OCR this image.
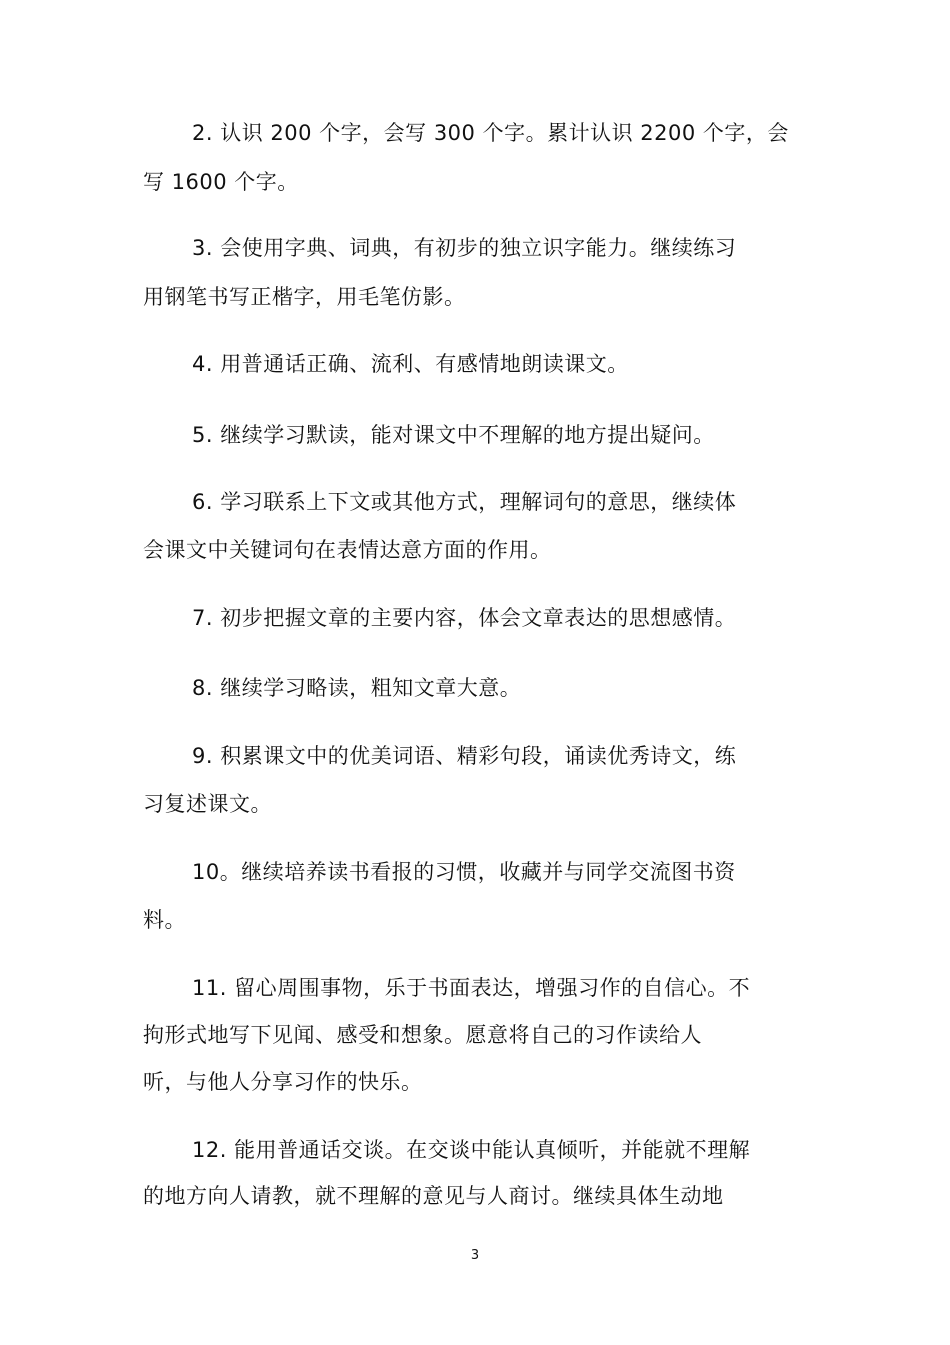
2. 认识 200 个字，会写 300 个字。累计认识 2200 个字，会
写 1600 个字。
3. 会使用字典、词典，有初步的独立识字能力。继续练习
用钢笔书写正楷字，用毛笔仿影。
4. 用普通话正确、流利、有感情地朗读课文。
5. 继续学习默读，能对课文中不理解的地方提出疑问。
6. 学习联系上下文或其他方式，理解词句的意思，继续体
会课文中关键词句在表情达意方面的作用。
7. 初步把握文章的主要内容，体会文章表达的思想感情。
8. 继续学习略读，粗知文章大意。
9. 积累课文中的优美词语、精彩句段，诵读优秀诗文，练
习复述课文。
10。继续培养读书看报的习惯，收藏并与同学交流图书资
料。
11. 留心周围事物，乐于书面表达，增强习作的自信心。不
拘形式地写下见闻、感受和想象。愿意将自己的习作读给人
听，与他人分享习作的快乐。
12. 能用普通话交谈。在交谈中能认真倾听，并能就不理解
的地方向人请教，就不理解的意见与人商讨。继续具体生动地
3
